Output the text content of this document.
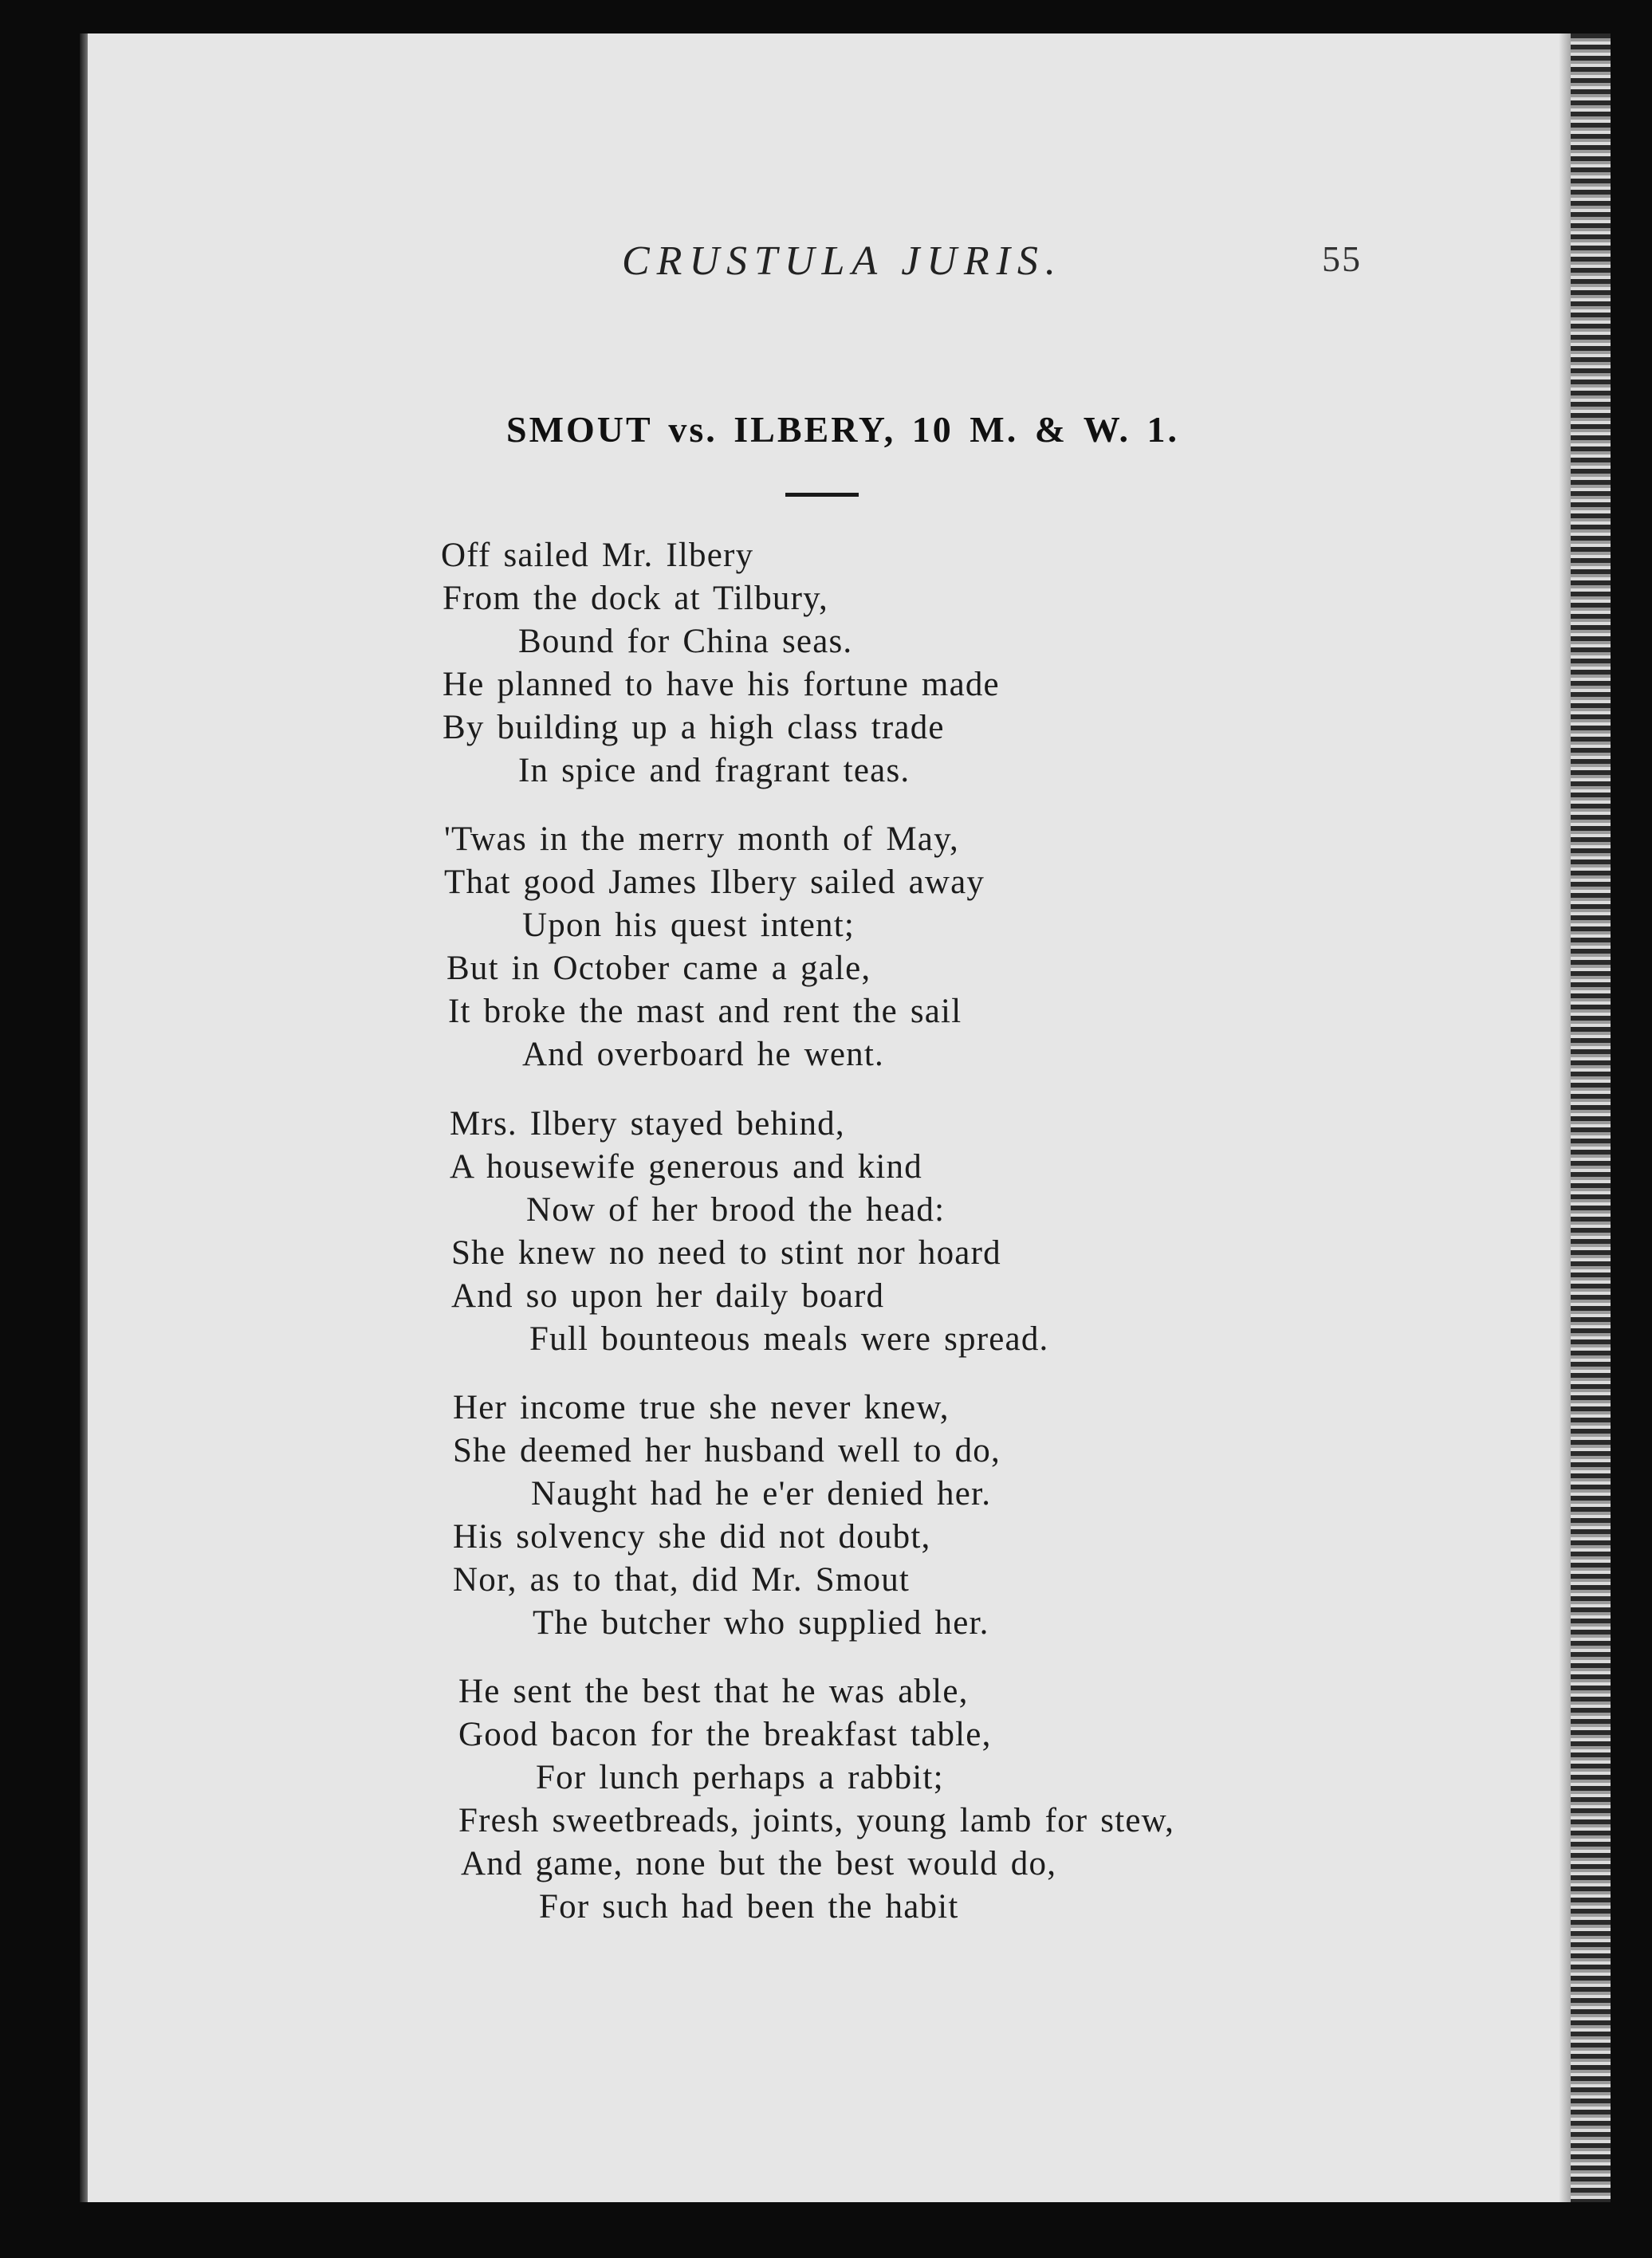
CRUSTULA JURIS.	55
SMOUT vs. ILBERY, 10 M. & W. 1.
Off sailed Mr. Ilbery
From the dock at Tilbury,
Bound for China seas.
He planned to have his fortune made
By building up a high class trade
In spice and fragrant teas.
'Twas in the merry month of May,
That good James Ilbery sailed away
Upon his quest intent;
But in October came a gale,
It broke the mast and rent the sail
And overboard he went.
Mrs. Ilbery stayed behind,
A housewife generous and kind
Now of her brood the head:
She knew no need to stint nor hoard
And so upon her daily board
Full bounteous meals were spread.
Her income true she never knew,
She deemed her husband well to do,
Naught had he e'er denied her.
His solvency she did not doubt,
Nor, as to that, did Mr. Smout
The butcher who supplied her.
He sent the best that he was able,
Good bacon for the breakfast table,
For lunch perhaps a rabbit;
Fresh sweetbreads, joints, young lamb for stew,
And game, none but the best would do,
For such had been the habit
